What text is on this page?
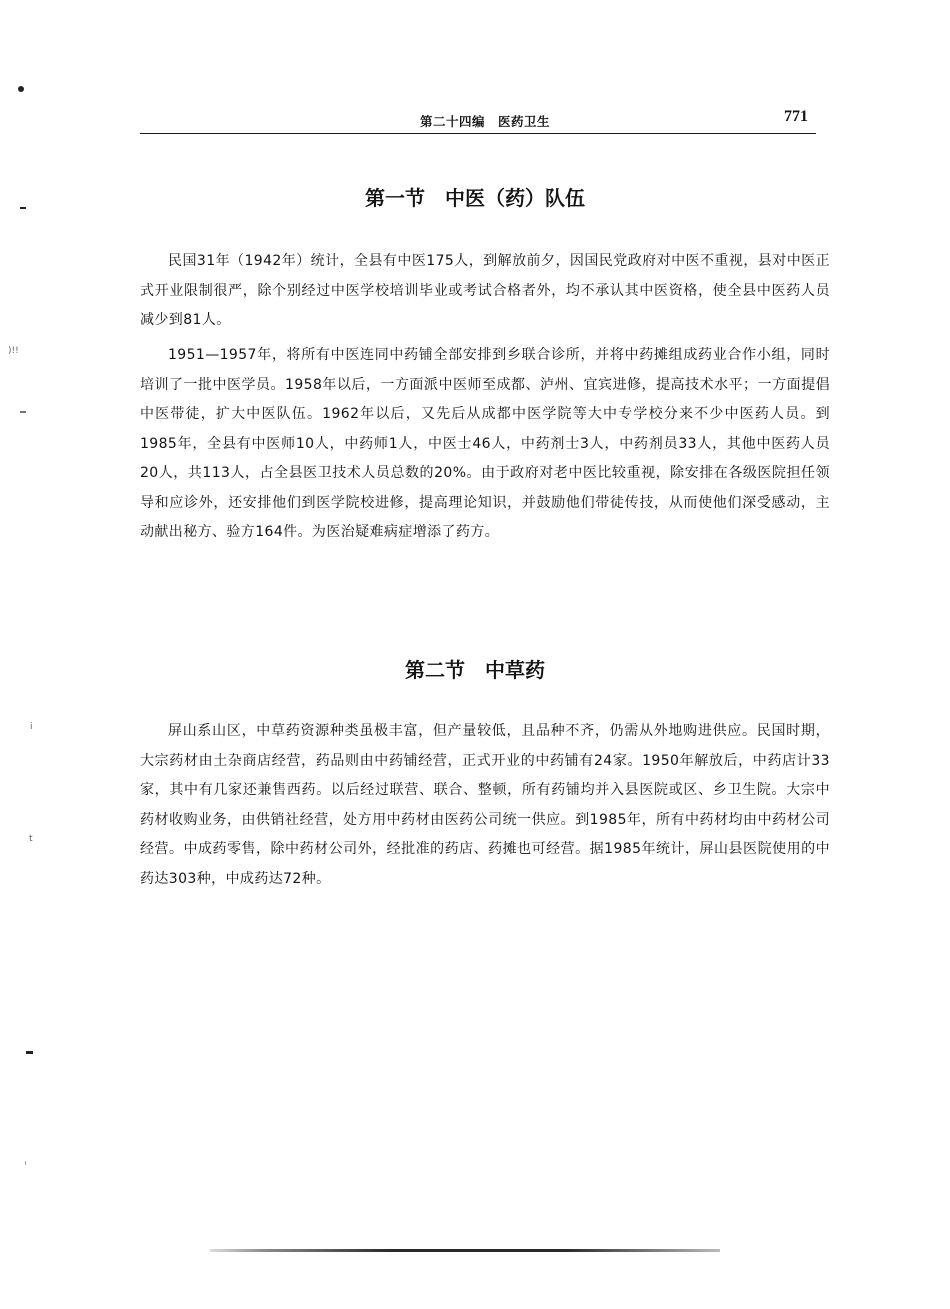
)!!
i
t
第二十四编　医药卫生	771
第一节　中医（药）队伍

民国31年（1942年）统计，全县有中医175人，到解放前夕，因国民党政府对中医不重视，县对中医正式开业限制很严，除个别经过中医学校培训毕业或考试合格者外，均不承认其中医资格，使全县中医药人员减少到81人。

1951—1957年，将所有中医连同中药铺全部安排到乡联合诊所，并将中药摊组成药业合作小组，同时培训了一批中医学员。1958年以后，一方面派中医师至成都、泸州、宜宾进修，提高技术水平；一方面提倡中医带徒，扩大中医队伍。1962年以后，又先后从成都中医学院等大中专学校分来不少中医药人员。到1985年，全县有中医师10人，中药师1人，中医士46人，中药剂士3人，中药剂员33人，其他中医药人员20人，共113人，占全县医卫技术人员总数的20%。由于政府对老中医比较重视，除安排在各级医院担任领导和应诊外，还安排他们到医学院校进修，提高理论知识，并鼓励他们带徒传技，从而使他们深受感动，主动献出秘方、验方164件。为医治疑难病症增添了药方。

第二节　中草药

屏山系山区，中草药资源种类虽极丰富，但产量较低，且品种不齐，仍需从外地购进供应。民国时期，大宗药材由土杂商店经营，药品则由中药铺经营，正式开业的中药铺有24家。1950年解放后，中药店计33家，其中有几家还兼售西药。以后经过联营、联合、整顿，所有药铺均并入县医院或区、乡卫生院。大宗中药材收购业务，由供销社经营，处方用中药材由医药公司统一供应。到1985年，所有中药材均由中药材公司经营。中成药零售，除中药材公司外，经批准的药店、药摊也可经营。据1985年统计，屏山县医院使用的中药达303种，中成药达72种。
